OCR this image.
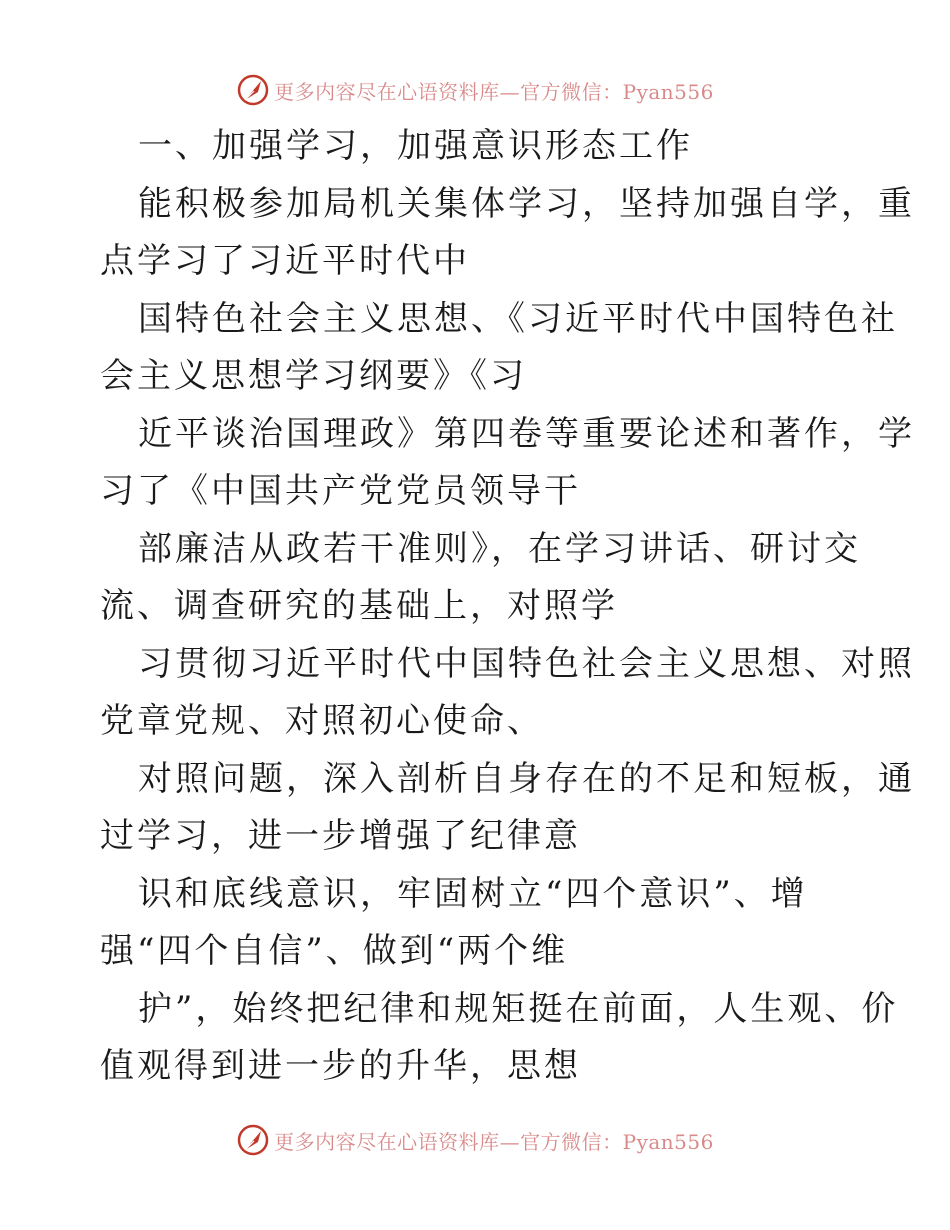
更多内容尽在心语资料库—官方微信：Pyan556
一、加强学习，加强意识形态工作
能积极参加局机关集体学习，坚持加强自学，重
点学习了习近平时代中
国特色社会主义思想、《习近平时代中国特色社
会主义思想学习纲要》《习
近平谈治国理政》第四卷等重要论述和著作，学
习了《中国共产党党员领导干
部廉洁从政若干准则》，在学习讲话、研讨交
流、调查研究的基础上，对照学
习贯彻习近平时代中国特色社会主义思想、对照
党章党规、对照初心使命、
对照问题，深入剖析自身存在的不足和短板，通
过学习，进一步增强了纪律意
识和底线意识，牢固树立“四个意识”、增
强“四个自信”、做到“两个维
护”，始终把纪律和规矩挺在前面，人生观、价
值观得到进一步的升华，思想
更多内容尽在心语资料库—官方微信：Pyan556
